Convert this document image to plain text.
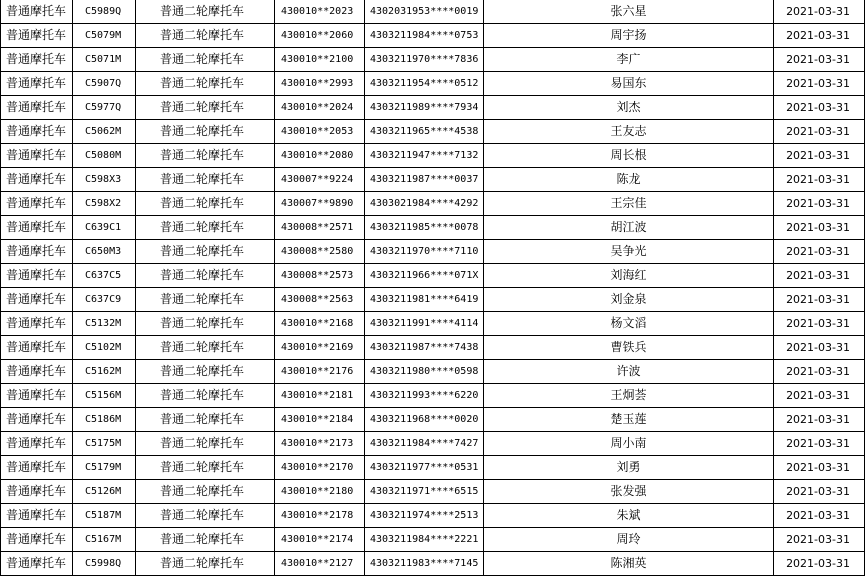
普通摩托车	C5989Q	普通二轮摩托车	430010**2023	4302031953****0019	张六星	2021-03-31
普通摩托车	C5079M	普通二轮摩托车	430010**2060	4303211984****0753	周宇扬	2021-03-31
普通摩托车	C5071M	普通二轮摩托车	430010**2100	4303211970****7836	李广	2021-03-31
普通摩托车	C5907Q	普通二轮摩托车	430010**2993	4303211954****0512	易国东	2021-03-31
普通摩托车	C5977Q	普通二轮摩托车	430010**2024	4303211989****7934	刘杰	2021-03-31
普通摩托车	C5062M	普通二轮摩托车	430010**2053	4303211965****4538	王友志	2021-03-31
普通摩托车	C5080M	普通二轮摩托车	430010**2080	4303211947****7132	周长根	2021-03-31
普通摩托车	C598X3	普通二轮摩托车	430007**9224	4303211987****0037	陈龙	2021-03-31
普通摩托车	C598X2	普通二轮摩托车	430007**9890	4303021984****4292	王宗佳	2021-03-31
普通摩托车	C639C1	普通二轮摩托车	430008**2571	4303211985****0078	胡江波	2021-03-31
普通摩托车	C650M3	普通二轮摩托车	430008**2580	4303211970****7110	吴争光	2021-03-31
普通摩托车	C637C5	普通二轮摩托车	430008**2573	4303211966****071X	刘海红	2021-03-31
普通摩托车	C637C9	普通二轮摩托车	430008**2563	4303211981****6419	刘金泉	2021-03-31
普通摩托车	C5132M	普通二轮摩托车	430010**2168	4303211991****4114	杨文滔	2021-03-31
普通摩托车	C5102M	普通二轮摩托车	430010**2169	4303211987****7438	曹铁兵	2021-03-31
普通摩托车	C5162M	普通二轮摩托车	430010**2176	4303211980****0598	许波	2021-03-31
普通摩托车	C5156M	普通二轮摩托车	430010**2181	4303211993****6220	王炯荟	2021-03-31
普通摩托车	C5186M	普通二轮摩托车	430010**2184	4303211968****0020	楚玉莲	2021-03-31
普通摩托车	C5175M	普通二轮摩托车	430010**2173	4303211984****7427	周小南	2021-03-31
普通摩托车	C5179M	普通二轮摩托车	430010**2170	4303211977****0531	刘勇	2021-03-31
普通摩托车	C5126M	普通二轮摩托车	430010**2180	4303211971****6515	张发强	2021-03-31
普通摩托车	C5187M	普通二轮摩托车	430010**2178	4303211974****2513	朱斌	2021-03-31
普通摩托车	C5167M	普通二轮摩托车	430010**2174	4303211984****2221	周玲	2021-03-31
普通摩托车	C5998Q	普通二轮摩托车	430010**2127	4303211983****7145	陈湘英	2021-03-31
